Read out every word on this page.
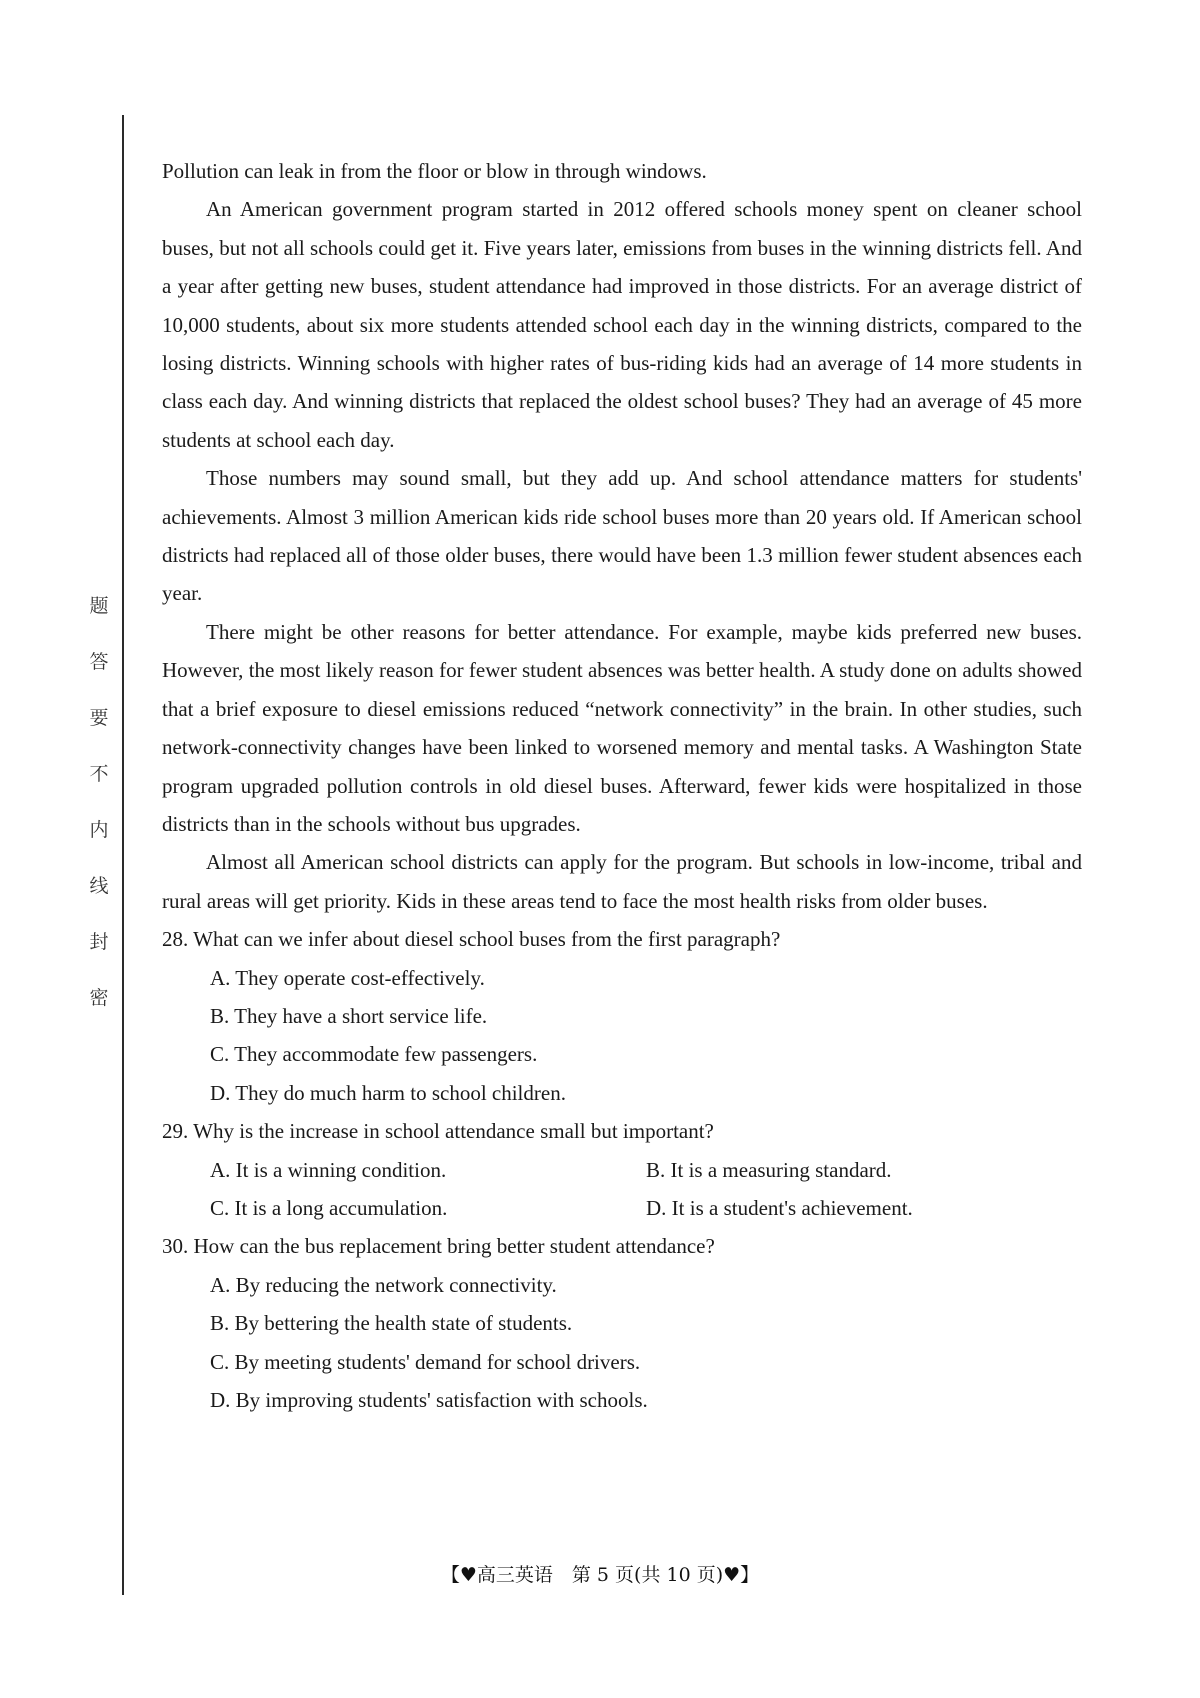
题
答
要
不
内
线
封
密

Pollution can leak in from the floor or blow in through windows.

An American government program started in 2012 offered schools money spent on cleaner school buses, but not all schools could get it. Five years later, emissions from buses in the winning districts fell. And a year after getting new buses, student attendance had improved in those districts. For an average district of 10,000 students, about six more students attended school each day in the winning districts, compared to the losing districts. Winning schools with higher rates of bus-riding kids had an average of 14 more students in class each day. And winning districts that replaced the oldest school buses? They had an average of 45 more students at school each day.

Those numbers may sound small, but they add up. And school attendance matters for students' achievements. Almost 3 million American kids ride school buses more than 20 years old. If American school districts had replaced all of those older buses, there would have been 1.3 million fewer student absences each year.

There might be other reasons for better attendance. For example, maybe kids preferred new buses. However, the most likely reason for fewer student absences was better health. A study done on adults showed that a brief exposure to diesel emissions reduced “network connectivity” in the brain. In other studies, such network-connectivity changes have been linked to worsened memory and mental tasks. A Washington State program upgraded pollution controls in old diesel buses. Afterward, fewer kids were hospitalized in those districts than in the schools without bus upgrades.

Almost all American school districts can apply for the program. But schools in low-income, tribal and rural areas will get priority. Kids in these areas tend to face the most health risks from older buses.

28. What can we infer about diesel school buses from the first paragraph?

A. They operate cost-effectively.

B. They have a short service life.

C. They accommodate few passengers.

D. They do much harm to school children.

29. Why is the increase in school attendance small but important?

A. It is a winning condition.	B. It is a measuring standard.
C. It is a long accumulation.	D. It is a student's achievement.

30. How can the bus replacement bring better student attendance?

A. By reducing the network connectivity.

B. By bettering the health state of students.

C. By meeting students' demand for school drivers.

D. By improving students' satisfaction with schools.

【♥高三英语　第 5 页(共 10 页)♥】
